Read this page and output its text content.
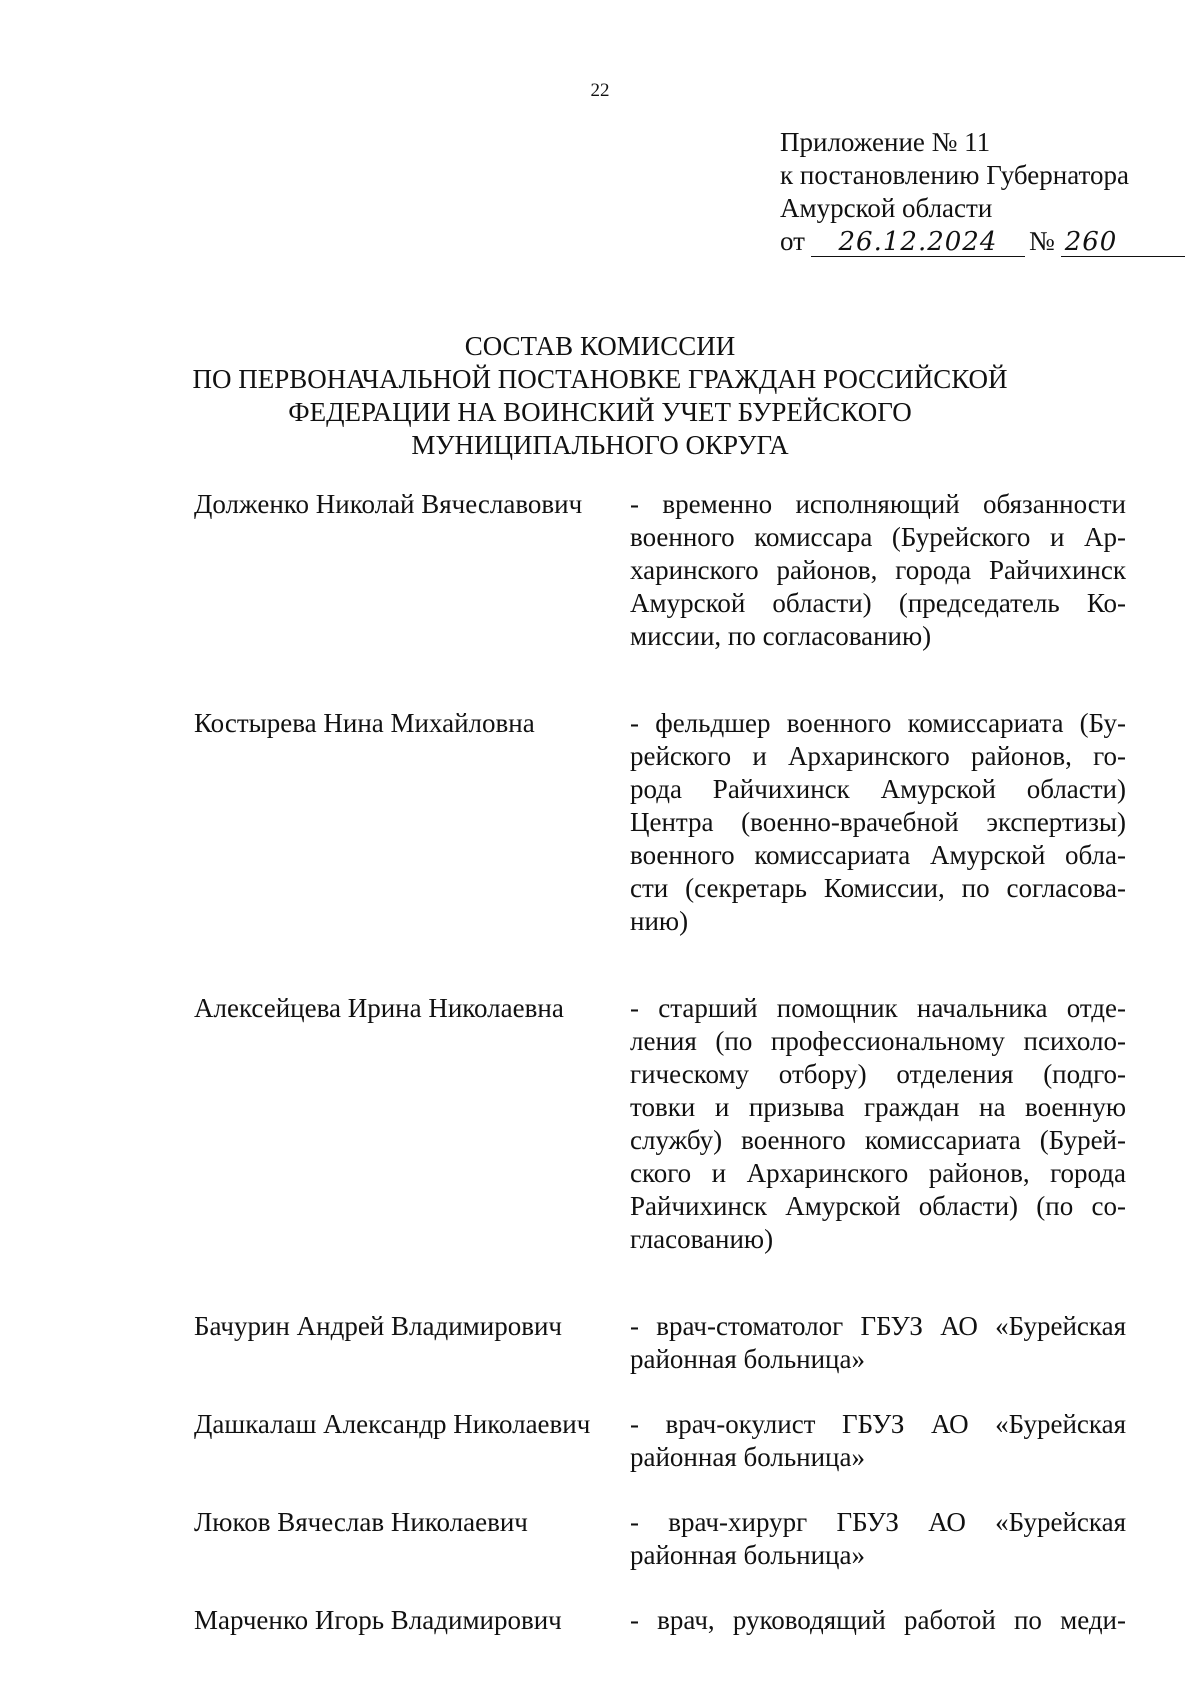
22
Приложение № 11
к постановлению Губернатора
Амурской области
от	26.12.2024	№ 260
СОСТАВ КОМИССИИ
ПО ПЕРВОНАЧАЛЬНОЙ ПОСТАНОВКЕ ГРАЖДАН РОССИЙСКОЙ
ФЕДЕРАЦИИ НА ВОИНСКИЙ УЧЕТ БУРЕЙСКОГО
МУНИЦИПАЛЬНОГО ОКРУГА
Долженко Николай Вячеславович	- временно исполняющий обязанности
военного комиссара (Бурейского и Ар-
харинского районов, города Райчихинск
Амурской области) (председатель Ко-
миссии, по согласованию)
Костырева Нина Михайловна	- фельдшер военного комиссариата (Бу-
рейского и Архаринского районов, го-
рода Райчихинск Амурской области)
Центра (военно-врачебной экспертизы)
военного комиссариата Амурской обла-
сти (секретарь Комиссии, по согласова-
нию)
Алексейцева Ирина Николаевна	- старший помощник начальника отде-
ления (по профессиональному психоло-
гическому отбору) отделения (подго-
товки и призыва граждан на военную
службу) военного комиссариата (Бурей-
ского и Архаринского районов, города
Райчихинск Амурской области) (по со-
гласованию)
Бачурин Андрей Владимирович	- врач-стоматолог ГБУЗ АО «Бурейская
районная больница»
Дашкалаш Александр Николаевич	- врач-окулист ГБУЗ АО «Бурейская
районная больница»
Люков Вячеслав Николаевич	- врач-хирург ГБУЗ АО «Бурейская
районная больница»
Марченко Игорь Владимирович	- врач, руководящий работой по меди-
